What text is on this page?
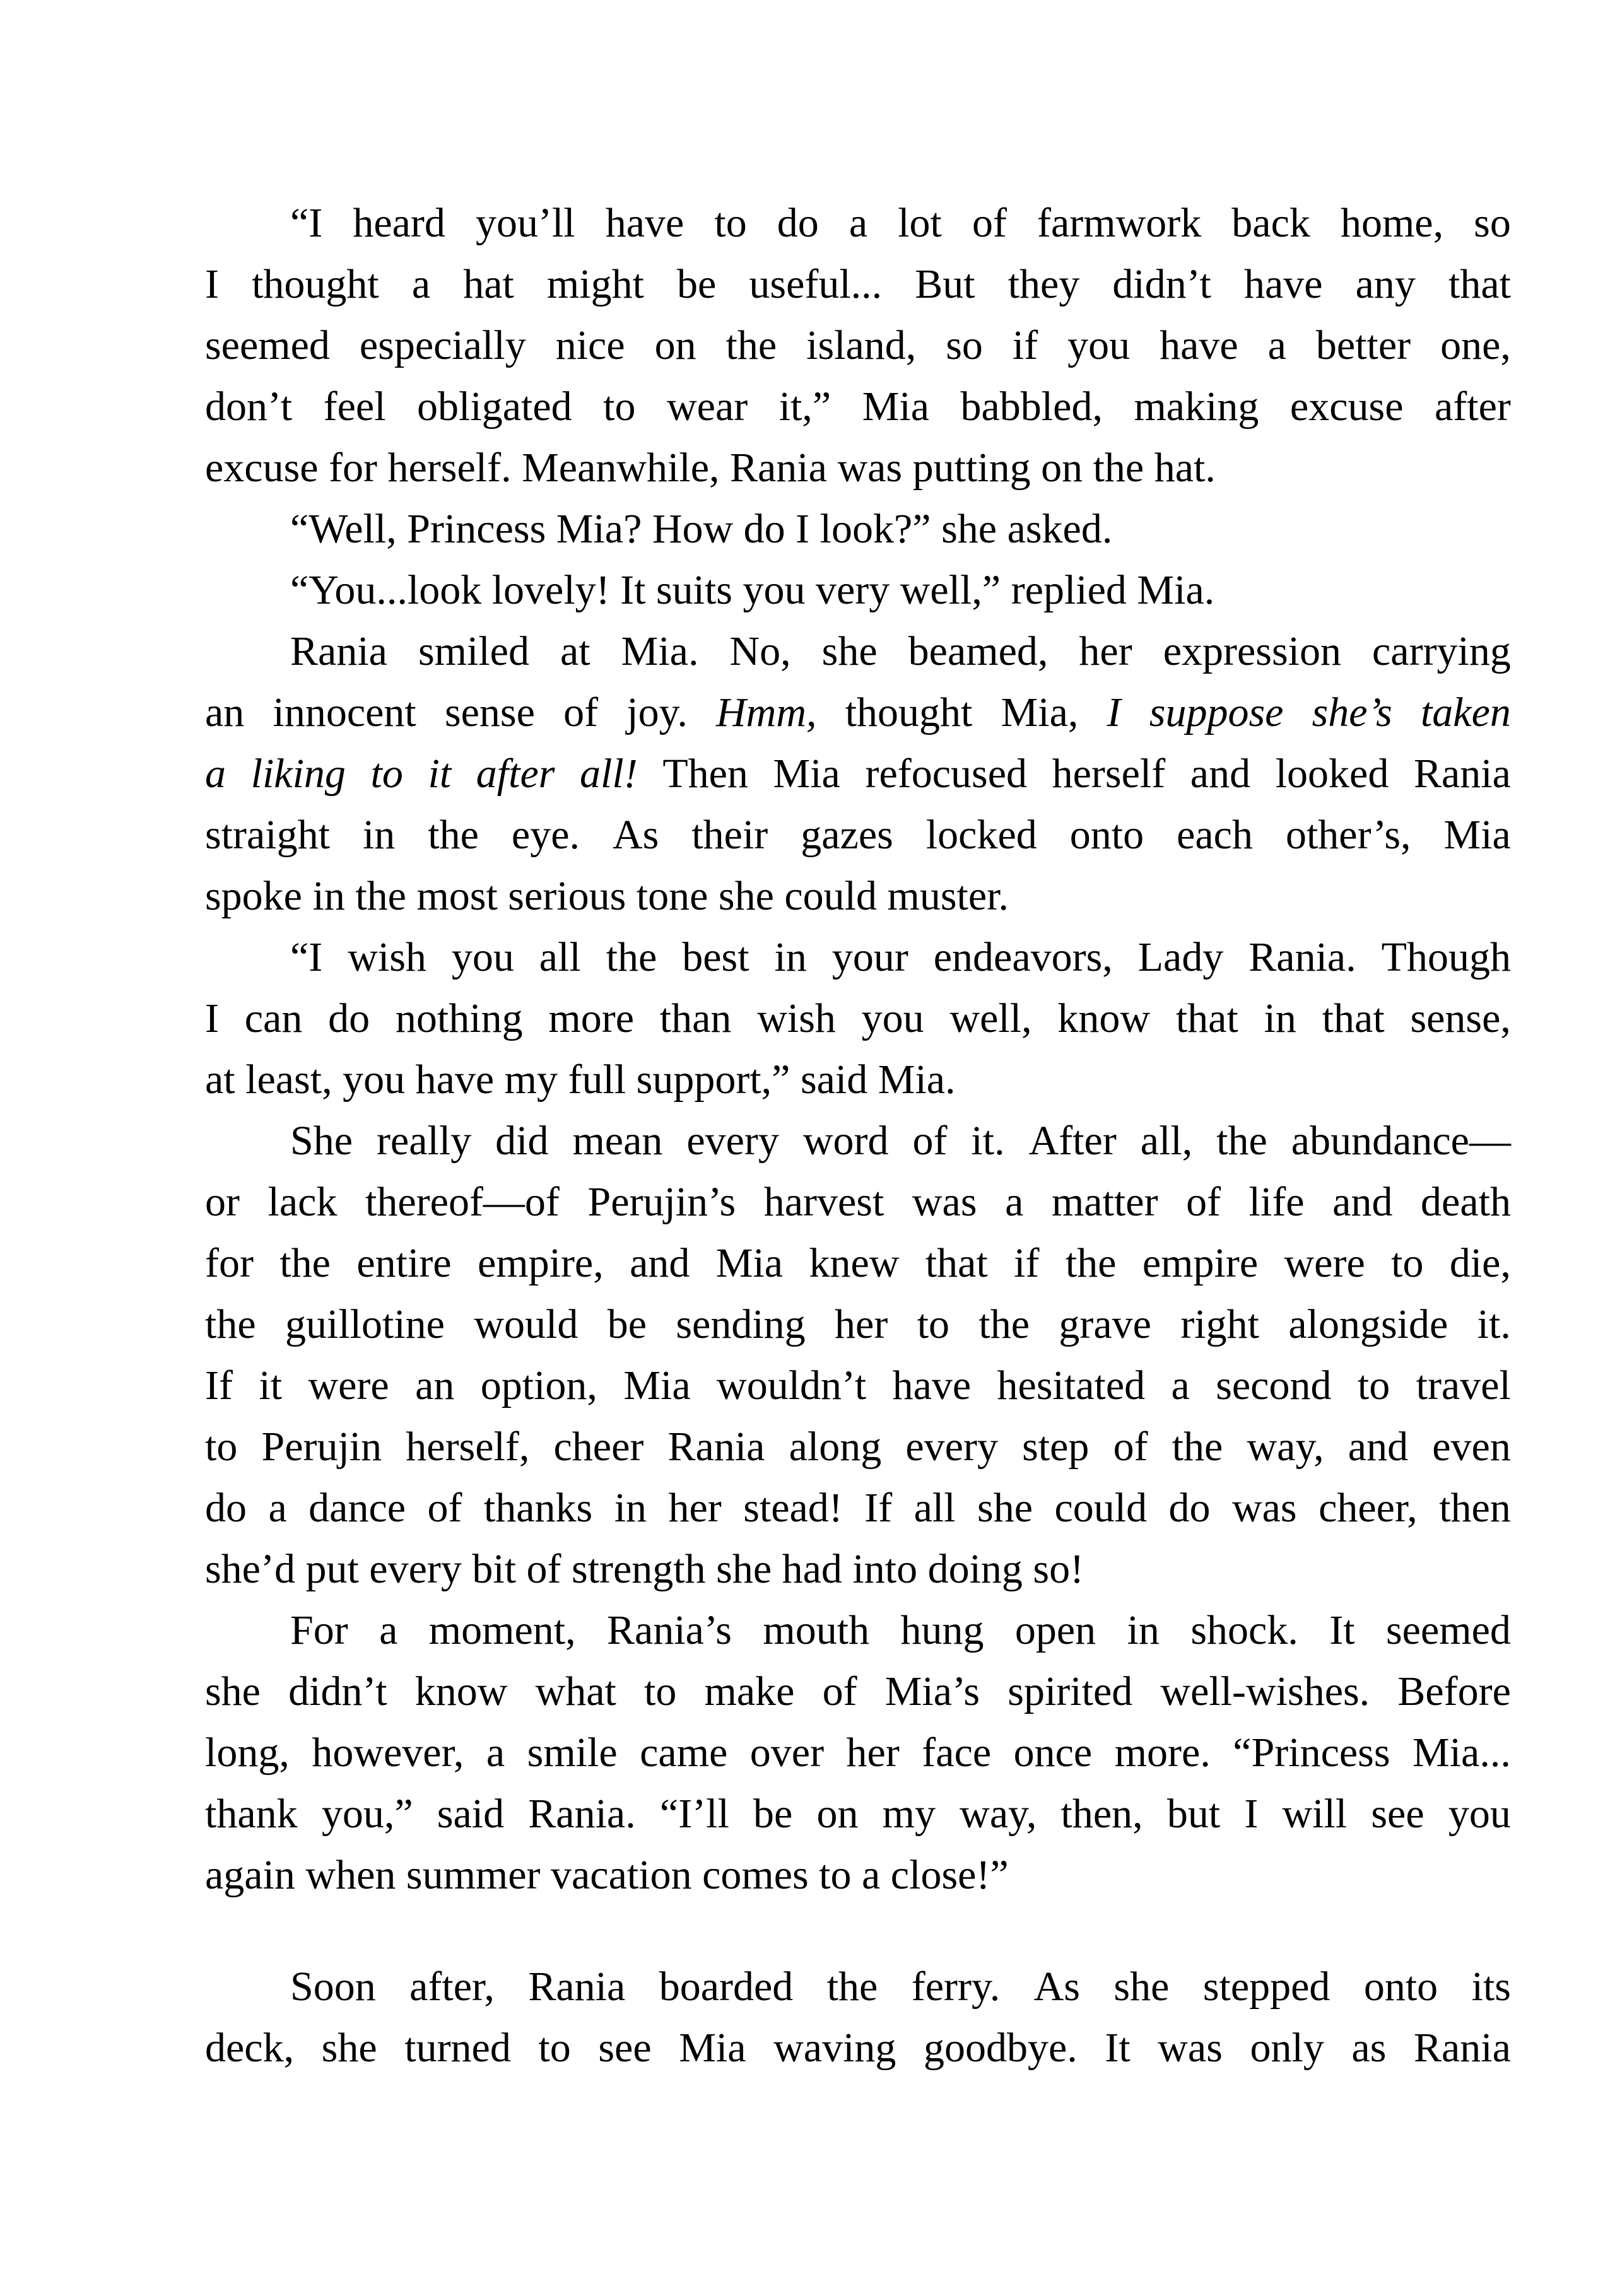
“I heard you’ll have to do a lot of farmwork back home, so
I thought a hat might be useful... But they didn’t have any that
seemed especially nice on the island, so if you have a better one,
don’t feel obligated to wear it,” Mia babbled, making excuse after
excuse for herself. Meanwhile, Rania was putting on the hat.
“Well, Princess Mia? How do I look?” she asked.
“You...look lovely! It suits you very well,” replied Mia.
Rania smiled at Mia. No, she beamed, her expression carrying
an innocent sense of joy. Hmm, thought Mia, I suppose she’s taken
a liking to it after all! Then Mia refocused herself and looked Rania
straight in the eye. As their gazes locked onto each other’s, Mia
spoke in the most serious tone she could muster.
“I wish you all the best in your endeavors, Lady Rania. Though
I can do nothing more than wish you well, know that in that sense,
at least, you have my full support,” said Mia.
She really did mean every word of it. After all, the abundance—
or lack thereof—of Perujin’s harvest was a matter of life and death
for the entire empire, and Mia knew that if the empire were to die,
the guillotine would be sending her to the grave right alongside it.
If it were an option, Mia wouldn’t have hesitated a second to travel
to Perujin herself, cheer Rania along every step of the way, and even
do a dance of thanks in her stead! If all she could do was cheer, then
she’d put every bit of strength she had into doing so!
For a moment, Rania’s mouth hung open in shock. It seemed
she didn’t know what to make of Mia’s spirited well-wishes. Before
long, however, a smile came over her face once more. “Princess Mia...
thank you,” said Rania. “I’ll be on my way, then, but I will see you
again when summer vacation comes to a close!”
Soon after, Rania boarded the ferry. As she stepped onto its
deck, she turned to see Mia waving goodbye. It was only as Rania
